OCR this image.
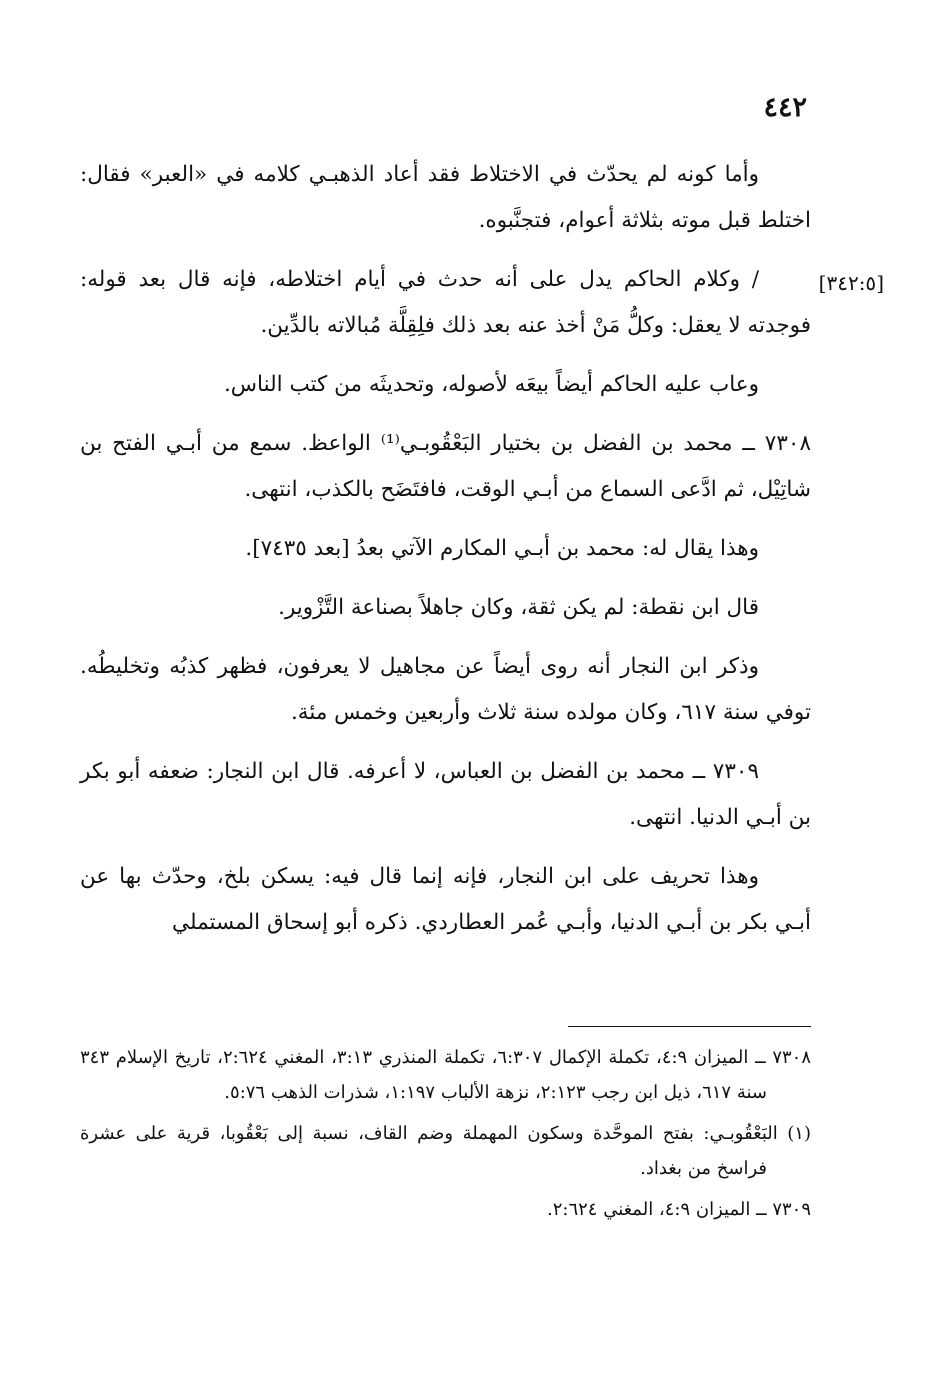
٤٤٢
[٣٤٢:٥]

وأما كونه لم يحدّث في الاختلاط فقد أعاد الذهبـي كلامه في «العبر» فقال: اختلط قبل موته بثلاثة أعوام، فتجنَّبوه.

/ وكلام الحاكم يدل على أنه حدث في أيام اختلاطه، فإنه قال بعد قوله: فوجدته لا يعقل: وكلُّ مَنْ أخذ عنه بعد ذلك فلِقِلَّة مُبالاته بالدِّين.

وعاب عليه الحاكم أيضاً بيعَه لأصوله، وتحديثَه من كتب الناس.

٧٣٠٨ ــ محمد بن الفضل بن بختيار البَعْقُوبـي⁽¹⁾ الواعظ. سمع من أبـي الفتح بن شاتِيْل، ثم ادَّعى السماع من أبـي الوقت، فافتَضَح بالكذب، انتهى.

وهذا يقال له: محمد بن أبـي المكارم الآتي بعدُ [بعد ٧٤٣٥].

قال ابن نقطة: لم يكن ثقة، وكان جاهلاً بصناعة التَّزْوير.

وذكر ابن النجار أنه روى أيضاً عن مجاهيل لا يعرفون، فظهر كذبُه وتخليطُه. توفي سنة ٦١٧، وكان مولده سنة ثلاث وأربعين وخمس مئة.

٧٣٠٩ ــ محمد بن الفضل بن العباس، لا أعرفه. قال ابن النجار: ضعفه أبو بكر بن أبـي الدنيا. انتهى.

وهذا تحريف على ابن النجار، فإنه إنما قال فيه: يسكن بلخ، وحدّث بها عن أبـي بكر بن أبـي الدنيا، وأبـي عُمر العطاردي. ذكره أبو إسحاق المستملي

٧٣٠٨ ــ الميزان ٤:٩، تكملة الإكمال ٦:٣٠٧، تكملة المنذري ٣:١٣، المغني ٢:٦٢٤، تاريخ الإسلام ٣٤٣ سنة ٦١٧، ذيل ابن رجب ٢:١٢٣، نزهة الألباب ١:١٩٧، شذرات الذهب ٥:٧٦.

(١) البَعْقُوبـي: بفتح الموحَّدة وسكون المهملة وضم القاف، نسبة إلى بَعْقُوبا، قرية على عشرة فراسخ من بغداد.

٧٣٠٩ ــ الميزان ٤:٩، المغني ٢:٦٢٤.
